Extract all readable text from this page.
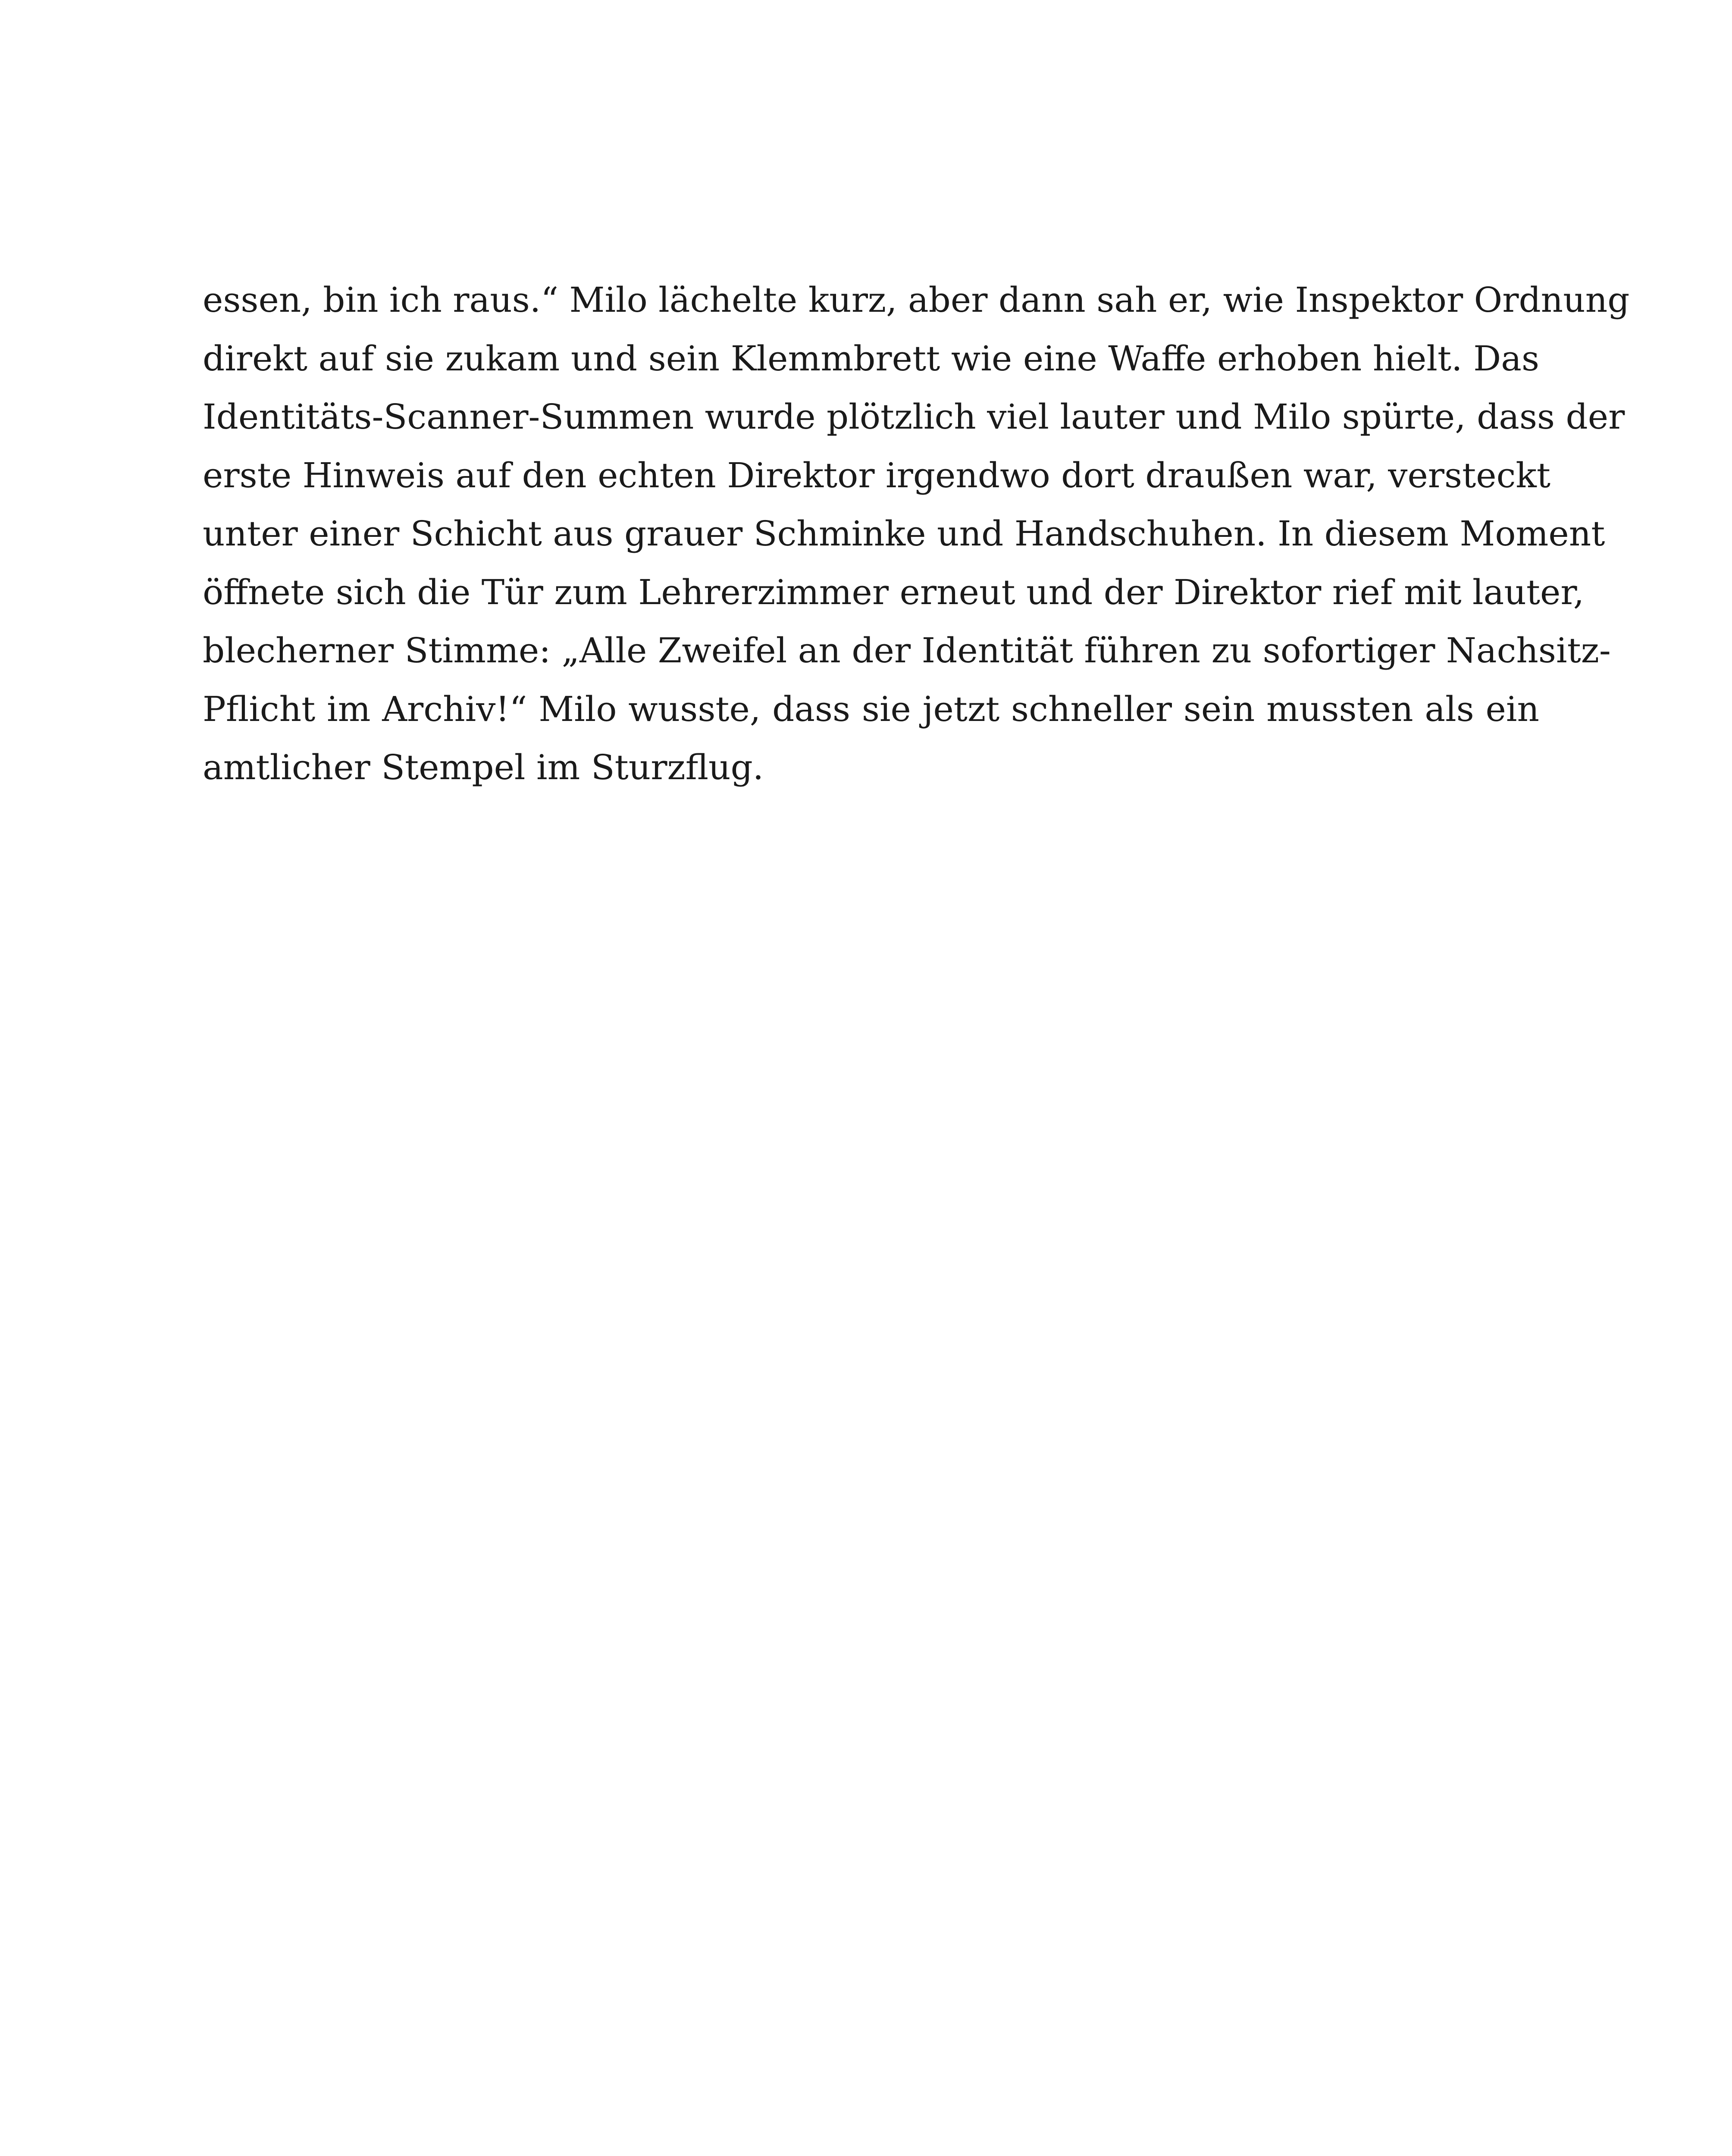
essen, bin ich raus.“ Milo lächelte kurz, aber dann sah er, wie Inspektor Ordnung
direkt auf sie zukam und sein Klemmbrett wie eine Waffe erhoben hielt. Das
Identitäts-Scanner-Summen wurde plötzlich viel lauter und Milo spürte, dass der
erste Hinweis auf den echten Direktor irgendwo dort draußen war, versteckt
unter einer Schicht aus grauer Schminke und Handschuhen. In diesem Moment
öffnete sich die Tür zum Lehrerzimmer erneut und der Direktor rief mit lauter,
blecherner Stimme: „Alle Zweifel an der Identität führen zu sofortiger Nachsitz-
Pflicht im Archiv!“ Milo wusste, dass sie jetzt schneller sein mussten als ein
amtlicher Stempel im Sturzflug.
